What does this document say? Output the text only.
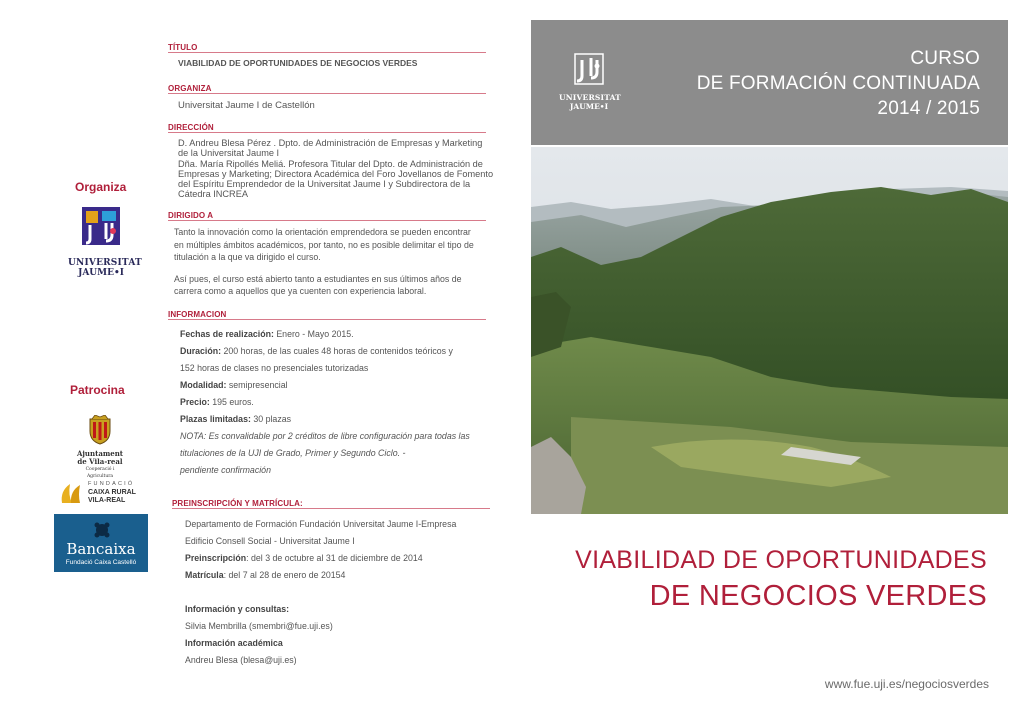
Organiza
UNIVERSITAT
JAUME•I
Patrocina
Ajuntament
de Vila-real
Cooperació i Agricultura
FUNDACIÓ
CAIXA RURAL
VILA-REAL
Bancaixa
Fundació Caixa Castelló
TÍTULO
VIABILIDAD DE OPORTUNIDADES DE NEGOCIOS VERDES
ORGANIZA
Universitat Jaume I de Castellón
DIRECCIÓN
D. Andreu Blesa Pérez . Dpto. de Administración de Empresas y Marketing
de la Universitat Jaume I
Dña. María Ripollés Meliá. Profesora Titular del Dpto. de Administración de
Empresas y Marketing; Directora Académica del Foro Jovellanos de Fomento
del Espíritu Emprendedor de la Universitat Jaume I y Subdirectora de la
Cátedra INCREA
DIRIGIDO A
Tanto la innovación como la orientación emprendedora se pueden encontrar
en múltiples ámbitos académicos, por tanto, no es posible delimitar el tipo de
titulación a la que va dirigido el curso.
Así pues, el curso está abierto tanto a estudiantes en sus últimos años de
carrera como a aquellos que ya cuenten con experiencia laboral.
INFORMACION
Fechas de realización: Enero - Mayo 2015.
Duración: 200 horas, de las cuales 48 horas de contenidos teóricos y
152 horas de clases no presenciales tutorizadas
Modalidad: semipresencial
Precio: 195 euros.
Plazas limitadas: 30 plazas
NOTA: Es convalidable por 2 créditos de libre configuración para todas las
titulaciones de la UJI de Grado, Primer y Segundo Ciclo. -
pendiente confirmación
PREINSCRIPCIÓN Y MATRÍCULA:
Departamento de Formación Fundación Universitat Jaume I-Empresa
Edificio Consell Social - Universitat Jaume I
Preinscripción: del 3 de octubre al 31 de diciembre de 2014
Matrícula: del 7 al 28 de enero de 20154
Información y consultas:
Silvia Membrilla (smembri@fue.uji.es)
Información académica
Andreu Blesa (blesa@uji.es)
UNIVERSITAT
JAUME•I
CURSO
DE FORMACIÓN CONTINUADA
2014 / 2015
VIABILIDAD DE OPORTUNIDADES
DE NEGOCIOS VERDES
www.fue.uji.es/negociosverdes
